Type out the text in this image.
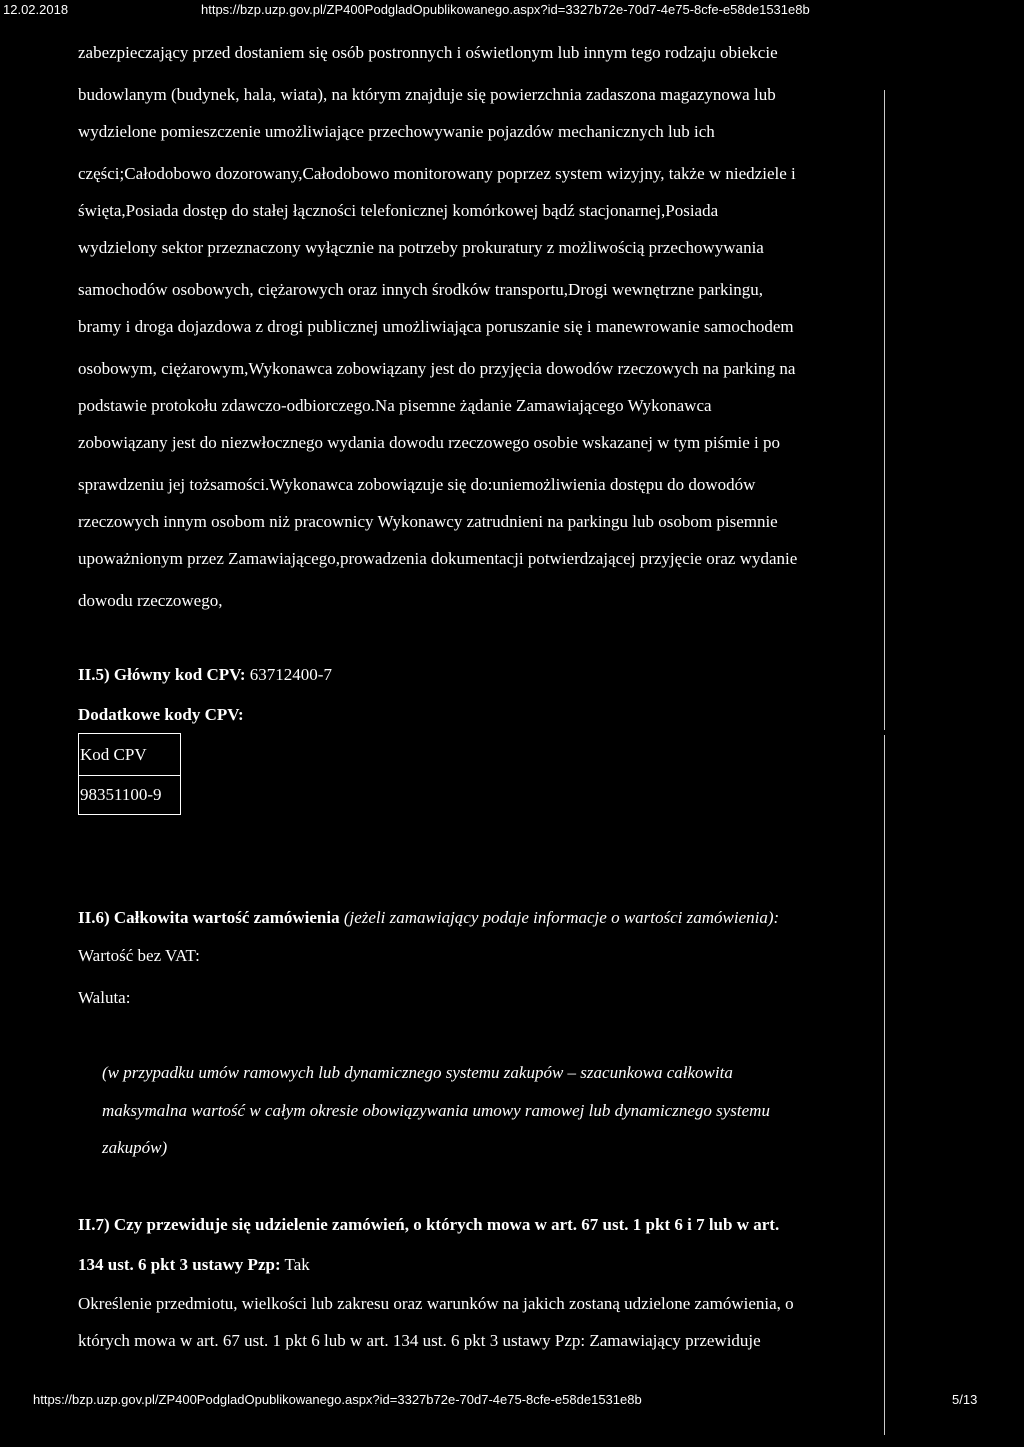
12.02.2018	https://bzp.uzp.gov.pl/ZP400PodgladOpublikowanego.aspx?id=3327b72e-70d7-4e75-8cfe-e58de1531e8b
zabezpieczający przed dostaniem się osób postronnych i oświetlonym lub innym tego rodzaju obiekcie
budowlanym (budynek, hala, wiata), na którym znajduje się powierzchnia zadaszona magazynowa lub
wydzielone pomieszczenie umożliwiające przechowywanie pojazdów mechanicznych lub ich
części;Całodobowo dozorowany,Całodobowo monitorowany poprzez system wizyjny, także w niedziele i
święta,Posiada dostęp do stałej łączności telefonicznej komórkowej bądź stacjonarnej,Posiada
wydzielony sektor przeznaczony wyłącznie na potrzeby prokuratury z możliwością przechowywania
samochodów osobowych, ciężarowych oraz innych środków transportu,Drogi wewnętrzne parkingu,
bramy i droga dojazdowa z drogi publicznej umożliwiająca poruszanie się i manewrowanie samochodem
osobowym, ciężarowym,Wykonawca zobowiązany jest do przyjęcia dowodów rzeczowych na parking na
podstawie protokołu zdawczo-odbiorczego.Na pisemne żądanie Zamawiającego Wykonawca
zobowiązany jest do niezwłocznego wydania dowodu rzeczowego osobie wskazanej w tym piśmie i po
sprawdzeniu jej tożsamości.Wykonawca zobowiązuje się do:uniemożliwienia dostępu do dowodów
rzeczowych innym osobom niż pracownicy Wykonawcy zatrudnieni na parkingu lub osobom pisemnie
upoważnionym przez Zamawiającego,prowadzenia dokumentacji potwierdzającej przyjęcie oraz wydanie
dowodu rzeczowego,
II.5) Główny kod CPV: 63712400-7
Dodatkowe kody CPV:
Kod CPV
98351100-9
II.6) Całkowita wartość zamówienia (jeżeli zamawiający podaje informacje o wartości zamówienia):
Wartość bez VAT:
Waluta:
(w przypadku umów ramowych lub dynamicznego systemu zakupów – szacunkowa całkowita
maksymalna wartość w całym okresie obowiązywania umowy ramowej lub dynamicznego systemu
zakupów)
II.7) Czy przewiduje się udzielenie zamówień, o których mowa w art. 67 ust. 1 pkt 6 i 7 lub w art.
134 ust. 6 pkt 3 ustawy Pzp: Tak
Określenie przedmiotu, wielkości lub zakresu oraz warunków na jakich zostaną udzielone zamówienia, o
których mowa w art. 67 ust. 1 pkt 6 lub w art. 134 ust. 6 pkt 3 ustawy Pzp: Zamawiający przewiduje
https://bzp.uzp.gov.pl/ZP400PodgladOpublikowanego.aspx?id=3327b72e-70d7-4e75-8cfe-e58de1531e8b	5/13
